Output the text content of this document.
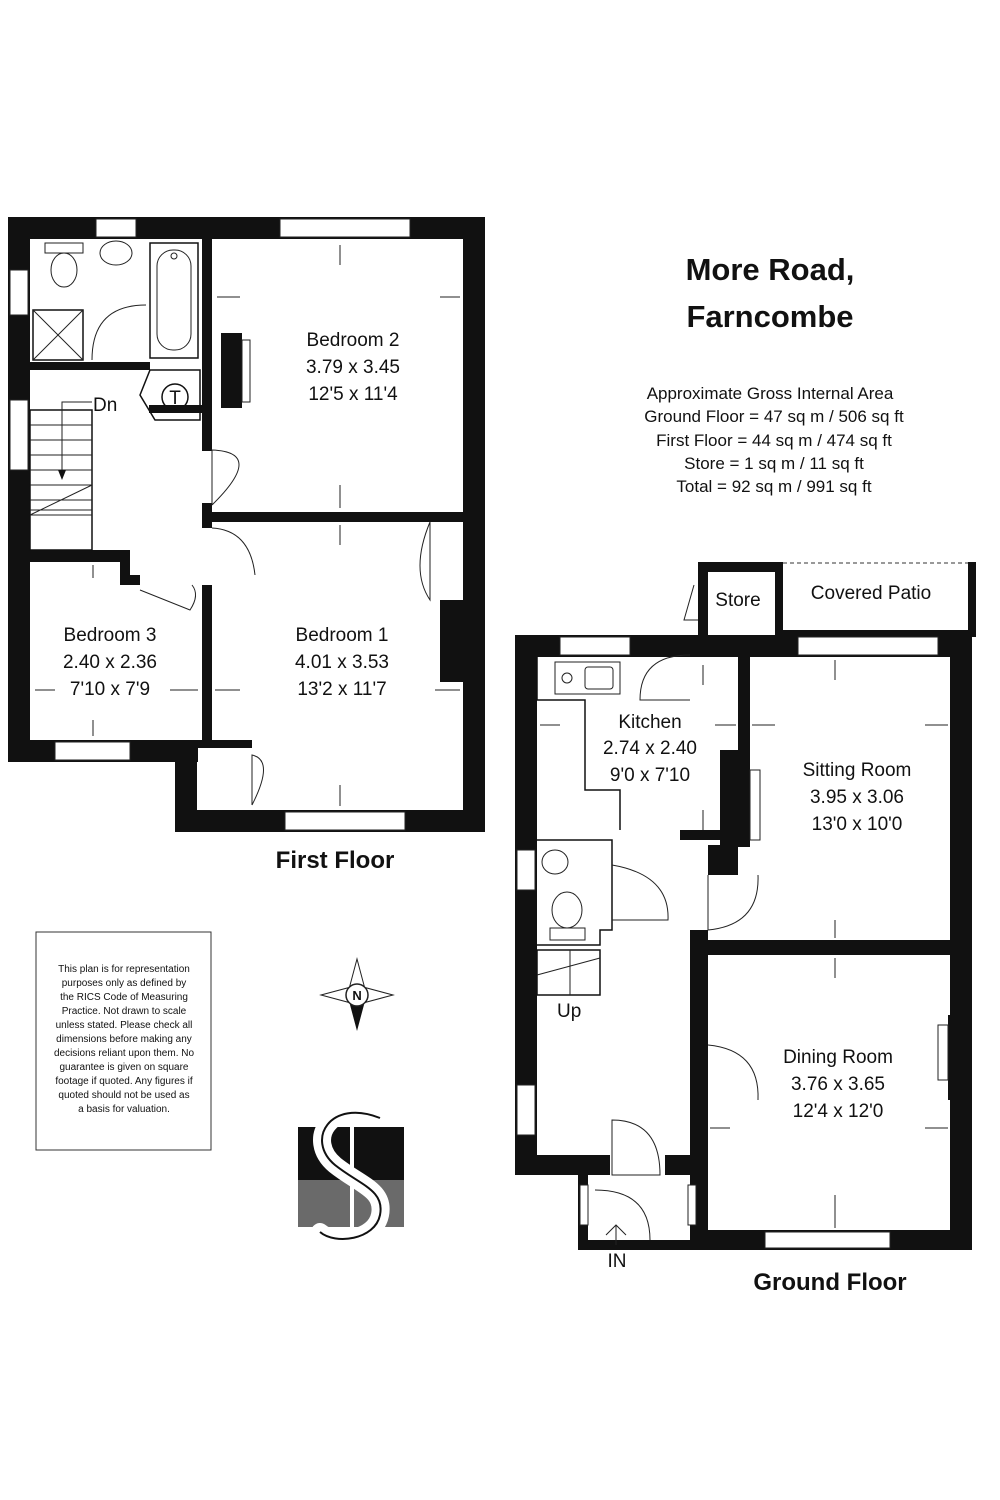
More Road,
Farncombe
Approximate Gross Internal Area
Ground Floor = 47 sq m / 506 sq ft
First Floor = 44 sq m / 474 sq ft
Store = 1 sq m / 11 sq ft
Total = 92 sq m / 991 sq ft
T
Dn
Bedroom 2
3.79 x 3.45
12'5 x 11'4
Bedroom 1
4.01 x 3.53
13'2 x 11'7
Bedroom 3
2.40 x 2.36
7'10 x 7'9
First Floor
Up
IN
Kitchen
2.74 x 2.40
9'0 x 7'10	Sitting Room
3.95 x 3.06
13'0 x 10'0
Dining Room
3.76 x 3.65
12'4 x 12'0
Store	Covered Patio
Ground Floor
This plan is for representation
purposes only as defined by
the RICS Code of Measuring
Practice. Not drawn to scale
unless stated. Please check all
dimensions before making any
decisions reliant upon them. No
guarantee is given on square
footage if quoted. Any figures if
quoted should not be used as
a basis for valuation.
N
